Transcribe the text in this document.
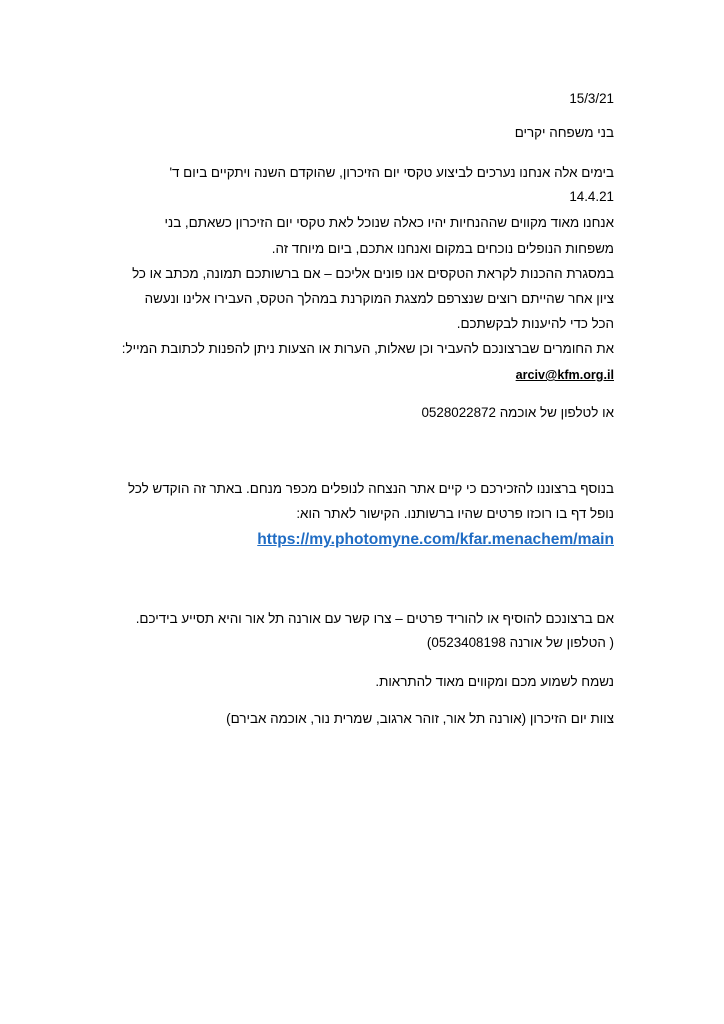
15/3/21
בני משפחה יקרים
בימים אלה אנחנו נערכים לביצוע טקסי יום הזיכרון, שהוקדם השנה ויתקיים ביום ד'
14.4.21
אנחנו מאוד מקווים שההנחיות יהיו כאלה שנוכל לאת טקסי יום הזיכרון כשאתם, בני
משפחות הנופלים נוכחים במקום ואנחנו אתכם, ביום מיוחד זה.
במסגרת ההכנות לקראת הטקסים אנו פונים אליכם – אם ברשותכם תמונה, מכתב או כל
ציון אחר שהייתם רוצים שנצרפם למצגת המוקרנת במהלך הטקס, העבירו אלינו ונעשה
הכל כדי להיענות לבקשתכם.
את החומרים שברצונכם להעביר וכן שאלות, הערות או הצעות ניתן להפנות לכתובת המייל:
arciv@kfm.org.il
או לטלפון של אוכמה 0528022872
בנוסף ברצוננו להזכירכם כי קיים אתר הנצחה לנופלים מכפר מנחם. באתר זה הוקדש לכל
נופל דף בו רוכזו פרטים שהיו ברשותנו. הקישור לאתר הוא:
https://my.photomyne.com/kfar.menachem/main
אם ברצונכם להוסיף או להוריד פרטים – צרו קשר עם אורנה תל אור והיא תסייע בידיכם.
( הטלפון של אורנה 0523408198)
נשמח לשמוע מכם ומקווים מאוד להתראות.
צוות יום הזיכרון (אורנה תל אור, זוהר ארגוב, שמרית נור, אוכמה אבירם)
